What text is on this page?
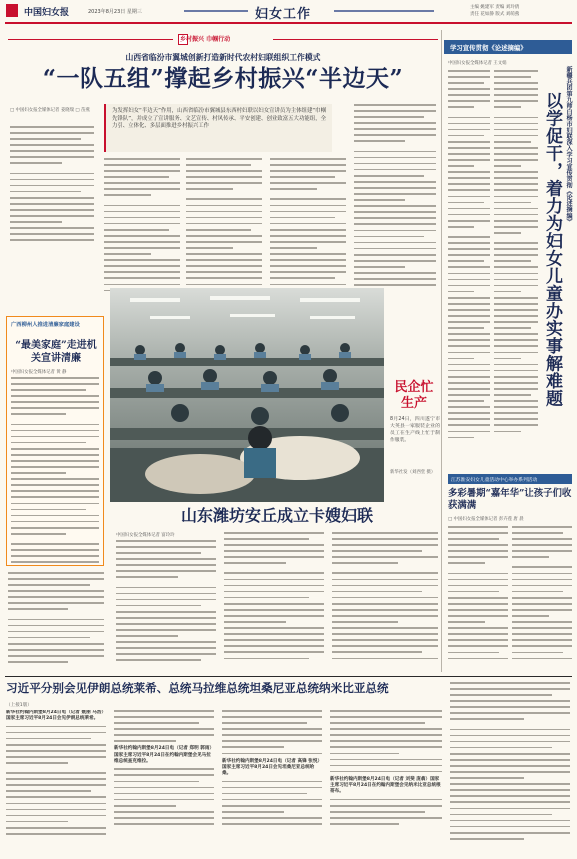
中国妇女报	2023年8月23日 星期三	妇女工作	主编 姚建军 责编 刘玲倩
责任 花如静 版式 刘萌燕
乡村振兴 巾帼行动
山西省临汾市翼城创新打造新时代农村妇联组织工作模式
“一队五组”撑起乡村振兴“半边天”
□ 中国妇女报全媒体记者 姜晓瑞 □ 苗燕	为发挥妇女“半边天”作用，山西省临汾市翼城县东西村妇联以妇女宣讲员为主体组建“巾帼先锋队”，并成立了宣讲服务、文艺宣传、村风传承、平安创建、创业致富五大功能组，全力引、立体化、多层面推进乡村振兴工作
学习宣传贯彻《论述摘编》
中国妇女报全媒体记者 王文娟
以学促干，着力为妇女儿童办实事解难题 新疆兵团第九师白杨市妇联深入学习宣传贯彻《论述摘编》
广西柳州人推进清廉家庭建设
“最美家庭”走进机关宣讲清廉
中国妇女报全媒体记者 黄 静
民企忙生产
8月24日，四川遂宁市大英县一家服装企业的员工在生产线上忙于制作服装。
新华社发（刘西堂 摄）
山东潍坊安丘成立卡嫂妇联
中国妇女报全媒体记者 富玲玲
江苏淮安妇女儿童活动中心举办系列活动
多彩暑期“嘉年华”让孩子们收获满满
□ 中国妇女报全媒体记者 彭卉莲 唐 晨
习近平分别会见伊朗总统莱希、总统马拉维总统坦桑尼亚总统纳米比亚总统
（上接1版）
新华社约翰内斯堡8月24日电（记者 姚丽 马浩）国家主席习近平8月24日会见伊朗总统莱希。
新华社约翰内斯堡8月24日电（记者 郑明 郭雨）国家主席习近平8月24日在约翰内斯堡会见马拉维总统查克维拉。	新华社约翰内斯堡8月24日电（记者 高锋 张悦）国家主席习近平8月24日会见坦桑尼亚总统哈桑。
新华社约翰内斯堡8月24日电（记者 刘斐 庞翕）国家主席习近平8月24日在约翰内斯堡会见纳米比亚总统根哥布。
